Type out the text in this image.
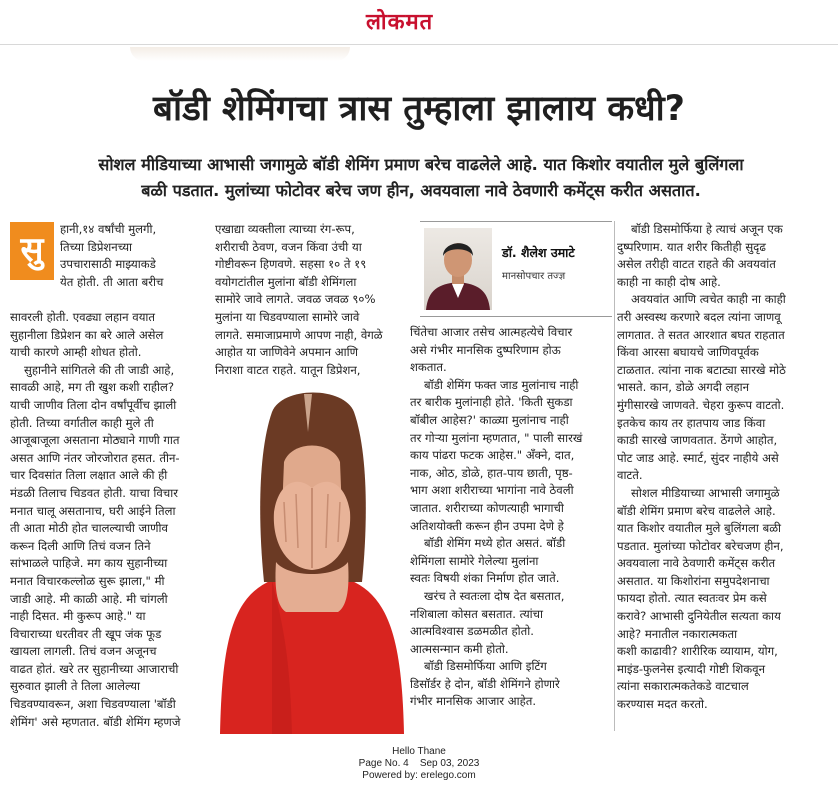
लोकमत
बॉडी शेमिंगचा त्रास तुम्हाला झालाय कधी?
सोशल मीडियाच्या आभासी जगामुळे बॉडी शेमिंग प्रमाण बरेच वाढलेले आहे. यात किशोर वयातील मुले बुलिंगला
बळी पडतात. मुलांच्या फोटोवर बरेच जण हीन, अवयवाला नावे ठेवणारी कमेंट्स करीत असतात.
सु

हानी,१४ वर्षांची मुलगी,

तिच्या डिप्रेशनच्या

उपचारासाठी माझ्याकडे

येत होती. ती आता बरीच

सावरली होती. एवढ्या लहान वयात

सुहानीला डिप्रेशन का बरे आले असेल

याची कारणे आम्ही शोधत होतो.

सुहानीने सांगितले की ती जाडी आहे,

सावळी आहे, मग ती खुश कशी राहील?

याची जाणीव तिला दोन वर्षांपूर्वीच झाली

होती. तिच्या वर्गातील काही मुले ती

आजूबाजूला असताना मोठ्याने गाणी गात

असत आणि नंतर जोरजोरात हसत. तीन-

चार दिवसांत तिला लक्षात आले की ही

मंडळी तिलाच चिडवत होती. याचा विचार

मनात चालू असतानाच, घरी आईने तिला

ती आता मोठी होत चालल्याची जाणीव

करून दिली आणि तिचं वजन तिने

सांभाळले पाहिजे. मग काय सुहानीच्या

मनात विचारकल्लोळ सुरू झाला," मी

जाडी आहे. मी काळी आहे. मी चांगली

नाही दिसत. मी कुरूप आहे." या

विचाराच्या धरतीवर ती खूप जंक फूड

खायला लागली. तिचं वजन अजूनच

वाढत होतं. खरे तर सुहानीच्या आजाराची

सुरुवात झाली ते तिला आलेल्या

चिडवण्यावरून, अशा चिडवण्याला 'बॉडी

शेमिंग' असे म्हणतात. बॉडी शेमिंग म्हणजे

एखाद्या व्यक्तीला त्याच्या रंग-रूप,

शरीराची ठेवण, वजन किंवा उंची या

गोष्टीवरून हिणवणे. सहसा १० ते १९

वयोगटांतील मुलांना बॉडी शेमिंगला

सामोरे जावे लागते. जवळ जवळ ९०%

मुलांना या चिडवण्याला सामोरे जावे

लागते. समाजाप्रमाणे आपण नाही, वेगळे

आहोत या जाणिवेने अपमान आणि

निराशा वाटत राहते. यातून डिप्रेशन,

डॉ. शैलेश उमाटे
मानसोपचार तज्ज्ञ

चिंतेचा आजार तसेच आत्महत्येचे विचार

असे गंभीर मानसिक दुष्परिणाम होऊ

शकतात.

बॉडी शेमिंग फक्त जाड मुलांनाच नाही

तर बारीक मुलांनाही होते. 'किती सुकडा

बॉबील आहेस?' काळ्या मुलांनाच नाही

तर गोऱ्या मुलांना म्हणतात, " पाली सारखं

काय पांढरा फटक आहेस." अँक्ने, दात,

नाक, ओठ, डोळे, हात-पाय छाती, पृष्ठ-

भाग अशा शरीराच्या भागांना नावे ठेवली

जातात. शरीराच्या कोणत्याही भागाची

अतिशयोक्ती करून हीन उपमा देणे हे

बॉडी शेमिंग मध्ये होत असतं. बॉडी

शेमिंगला सामोरे गेलेल्या मुलांना

स्वतः विषयी शंका निर्माण होत जाते.

खरंच ते स्वतःला दोष देत बसतात,

नशिबाला कोसत बसतात. त्यांचा

आत्मविश्वास डळमळीत होतो.

आत्मसन्मान कमी होतो.

बॉडी डिसमोर्फिया आणि इटिंग

डिसॉर्डर हे दोन, बॉडी शेमिंगने होणारे

गंभीर मानसिक आजार आहेत.

बॉडी डिसमोर्फिया हे त्याचं अजून एक

दुष्परिणाम. यात शरीर कितीही सुदृढ

असेल तरीही वाटत राहते की अवयवांत

काही ना काही दोष आहे.

अवयवांत आणि त्वचेत काही ना काही

तरी अस्वस्थ करणारे बदल त्यांना जाणवू

लागतात. ते सतत आरशात बघत राहतात

किंवा आरसा बघायचे जाणिवपूर्वक

टाळतात. त्यांना नाक बटाट्या सारखे मोठे

भासते. कान, डोळे अगदी लहान

मुंगीसारखे जाणवते. चेहरा कुरूप वाटतो.

इतकेच काय तर हातपाय जाड किंवा

काडी सारखे जाणवतात. ठेंगणे आहोत,

पोट जाड आहे. स्मार्ट, सुंदर नाहीये असे

वाटते.

सोशल मीडियाच्या आभासी जगामुळे

बॉडी शेमिंग प्रमाण बरेच वाढलेले आहे.

यात किशोर वयातील मुले बुलिंगला बळी

पडतात. मुलांच्या फोटोवर बरेचजण हीन,

अवयवाला नावे ठेवणारी कमेंट्स करीत

असतात. या किशोरांना समुपदेशनाचा

फायदा होतो. त्यात स्वतःवर प्रेम कसे

करावे? आभासी दुनियेतील सत्यता काय

आहे? मनातील नकारात्मकता

कशी काढावी? शारीरिक व्यायाम, योग,

माइंड-फुलनेस इत्यादी गोष्टी शिकवून

त्यांना सकारात्मकतेकडे वाटचाल

करण्यास मदत करतो.

Hello Thane
Page No. 4    Sep 03, 2023
Powered by: erelego.com
